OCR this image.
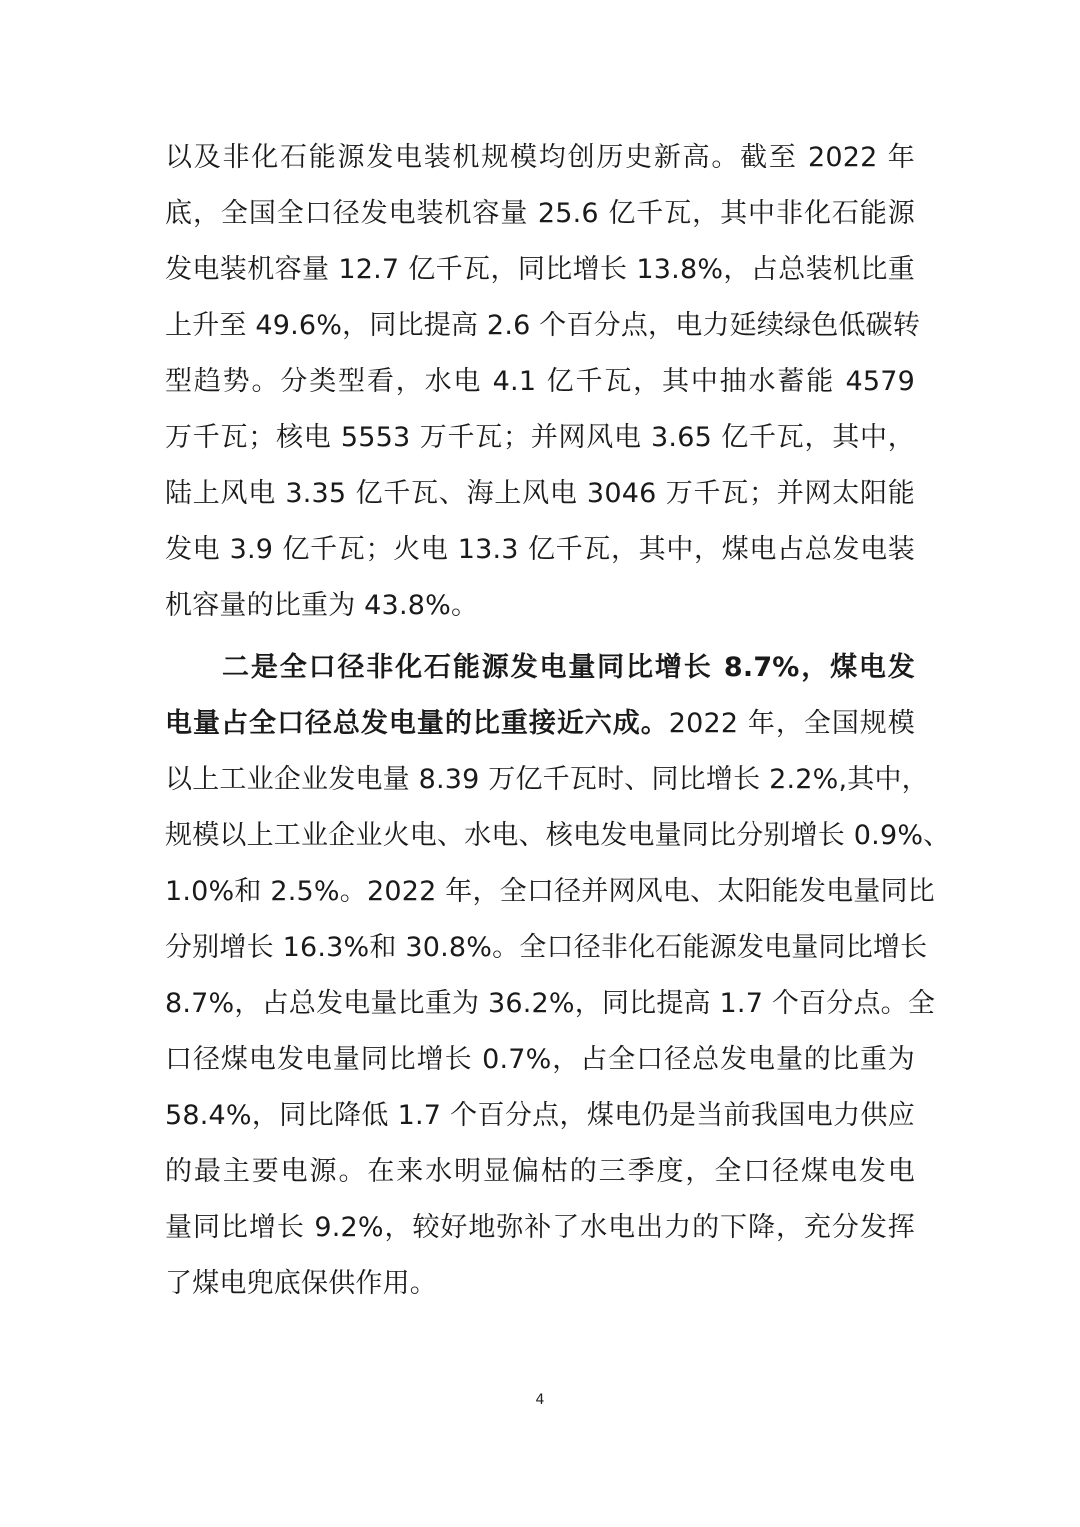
以及非化石能源发电装机规模均创历史新高。截至 2022 年
底，全国全口径发电装机容量 25.6 亿千瓦，其中非化石能源
发电装机容量 12.7 亿千瓦，同比增长 13.8%，占总装机比重
上升至 49.6%，同比提高 2.6 个百分点，电力延续绿色低碳转
型趋势。分类型看，水电 4.1 亿千瓦，其中抽水蓄能 4579
万千瓦；核电 5553 万千瓦；并网风电 3.65 亿千瓦，其中，
陆上风电 3.35 亿千瓦、海上风电 3046 万千瓦；并网太阳能
发电 3.9 亿千瓦；火电 13.3 亿千瓦，其中，煤电占总发电装
机容量的比重为 43.8%。
二是全口径非化石能源发电量同比增长 8.7%，煤电发
电量占全口径总发电量的比重接近六成。2022 年，全国规模
以上工业企业发电量 8.39 万亿千瓦时、同比增长 2.2%,其中，
规模以上工业企业火电、水电、核电发电量同比分别增长 0.9%、
1.0%和 2.5%。2022 年，全口径并网风电、太阳能发电量同比
分别增长 16.3%和 30.8%。全口径非化石能源发电量同比增长
8.7%，占总发电量比重为 36.2%，同比提高 1.7 个百分点。全
口径煤电发电量同比增长 0.7%，占全口径总发电量的比重为
58.4%，同比降低 1.7 个百分点，煤电仍是当前我国电力供应
的最主要电源。在来水明显偏枯的三季度，全口径煤电发电
量同比增长 9.2%，较好地弥补了水电出力的下降，充分发挥
了煤电兜底保供作用。
4
